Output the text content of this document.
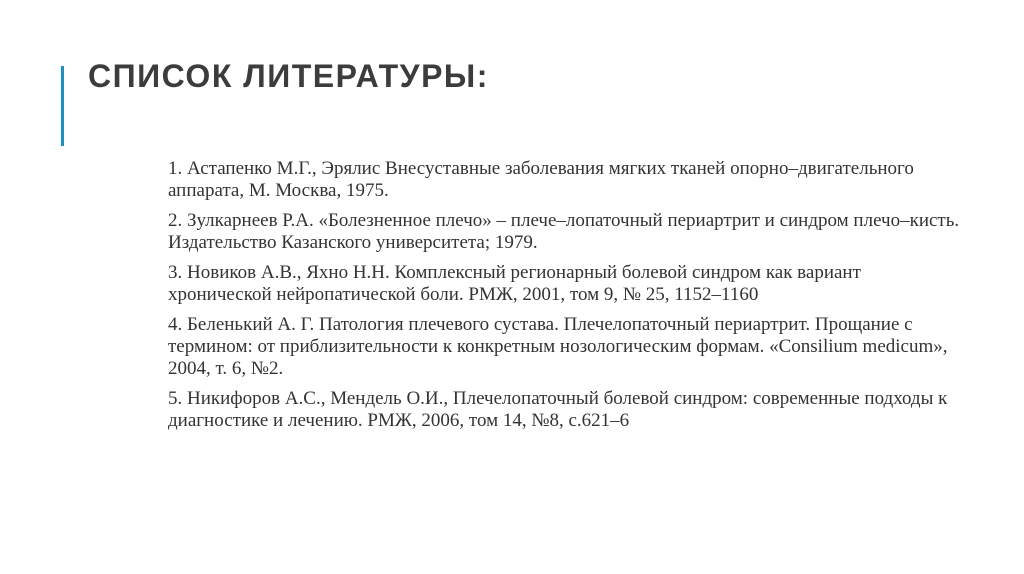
СПИСОК ЛИТЕРАТУРЫ:
1. Астапенко М.Г., Эрялис Внесуставные заболевания мягких тканей опорно–двигательного аппарата, М. Москва, 1975.
2. Зулкарнеев Р.А. «Болезненное плечо» – плече–лопаточный периартрит и синдром плечо–кисть. Издательство Казанского университета; 1979.
3. Новиков А.В., Яхно Н.Н. Комплексный регионарный болевой синдром как вариант хронической нейропатической боли. РМЖ, 2001, том 9, № 25, 1152–1160
4. Беленький А. Г. Патология плечевого сустава. Плечелопаточный периартрит. Прощание с термином: от приблизительности к конкретным нозологическим формам. «Consilium medicum», 2004, т. 6, №2.
5. Никифоров А.С., Мендель О.И., Плечелопаточный болевой синдром: современные подходы к диагностике и лечению. РМЖ, 2006, том 14, №8, с.621–6
